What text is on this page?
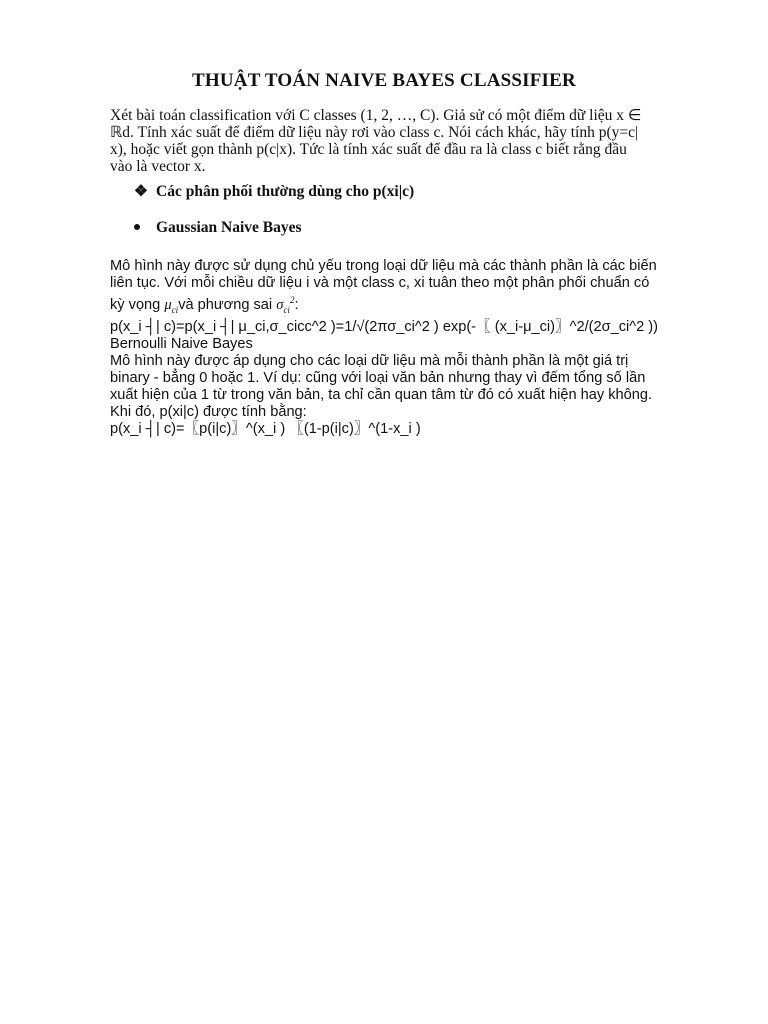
THUẬT TOÁN NAIVE BAYES CLASSIFIER
Xét bài toán classification với C classes (1, 2, …, C). Giả sử có một điểm dữ liệu x ∈
ℝd. Tính xác suất để điểm dữ liệu này rơi vào class c. Nói cách khác, hãy tính p(y=c|
x), hoặc viết gọn thành p(c|x). Tức là tính xác suất để đầu ra là class c biết rằng đầu
vào là vector x.
❖ Các phân phối thường dùng cho p(xi|c)
Gaussian Naive Bayes
Mô hình này được sử dụng chủ yếu trong loại dữ liệu mà các thành phần là các biến
liên tục. Với mỗi chiều dữ liệu i và một class c, xi tuân theo một phân phối chuẩn có
kỳ vọng $\mu_{ci}và$ phương sai $\sigma_{ci}^2$:
p(x_i ┤| c)=p(x_i ┤| μ_ci,σ_cicc^2 )=1/√(2πσ_ci^2 ) exp(-〖 (x_i-μ_ci)〗^2/(2σ_ci^2 ))
Bernoulli Naive Bayes
Mô hình này được áp dụng cho các loại dữ liệu mà mỗi thành phần là một giá trị
binary - bẳng 0 hoặc 1. Ví dụ: cũng với loại văn bản nhưng thay vì đếm tổng số lần
xuất hiện của 1 từ trong văn bản, ta chỉ cần quan tâm từ đó có xuất hiện hay không.
Khi đó, p(xi|c) được tính bằng:
p(x_i ┤| c)=〖p(i|c)〗^(x_i ) 〖(1-p(i|c)〗^(1-x_i )
